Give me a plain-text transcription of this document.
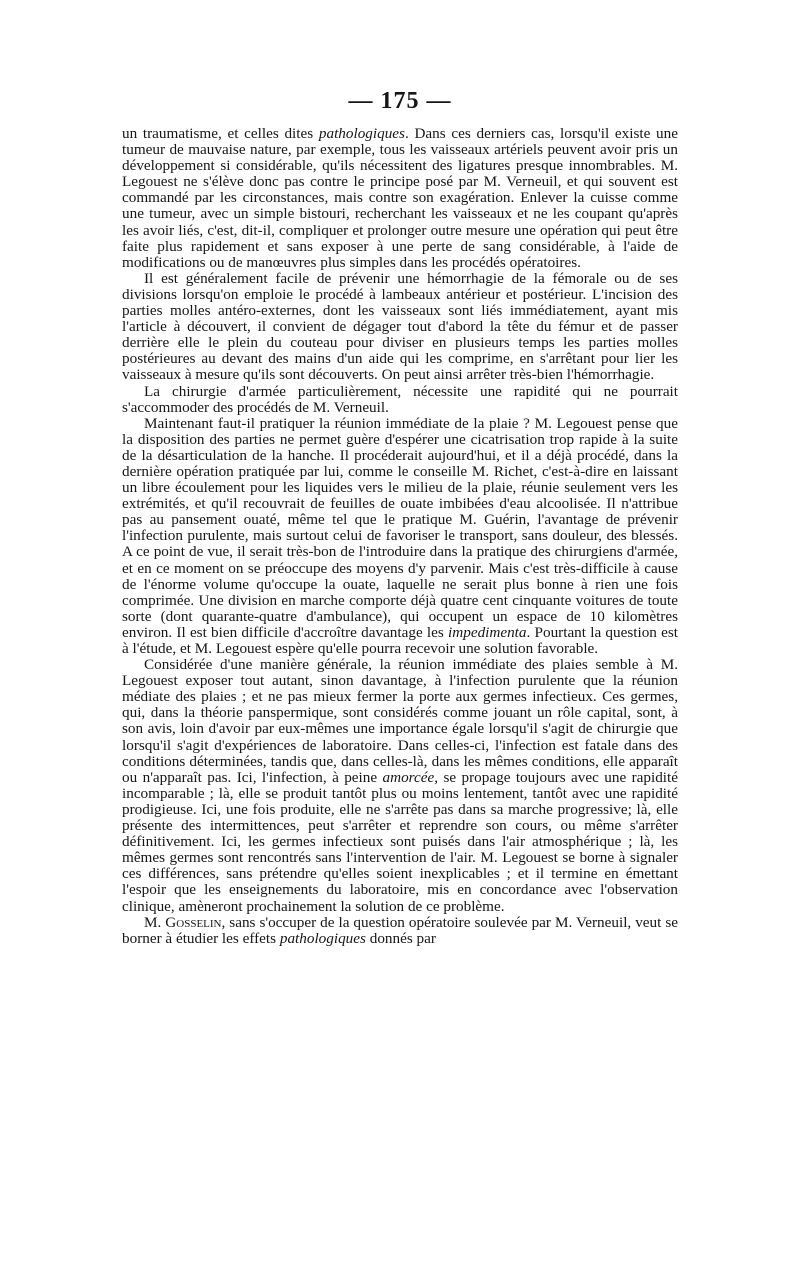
— 175 —

un traumatisme, et celles dites pathologiques. Dans ces derniers cas, lorsqu'il existe une tumeur de mauvaise nature, par exemple, tous les vaisseaux artériels peuvent avoir pris un développement si considérable, qu'ils nécessitent des ligatures presque innombrables. M. Legouest ne s'élève donc pas contre le principe posé par M. Verneuil, et qui souvent est commandé par les circonstances, mais contre son exagération. Enlever la cuisse comme une tumeur, avec un simple bistouri, recherchant les vaisseaux et ne les coupant qu'après les avoir liés, c'est, dit-il, compliquer et prolonger outre mesure une opération qui peut être faite plus rapidement et sans exposer à une perte de sang considérable, à l'aide de modifications ou de manœuvres plus simples dans les procédés opératoires.

Il est généralement facile de prévenir une hémorrhagie de la fémorale ou de ses divisions lorsqu'on emploie le procédé à lambeaux antérieur et postérieur. L'incision des parties molles antéro-externes, dont les vaisseaux sont liés immédiatement, ayant mis l'article à découvert, il convient de dégager tout d'abord la tête du fémur et de passer derrière elle le plein du couteau pour diviser en plusieurs temps les parties molles postérieures au devant des mains d'un aide qui les comprime, en s'arrêtant pour lier les vaisseaux à mesure qu'ils sont découverts. On peut ainsi arrêter très-bien l'hémorrhagie.

La chirurgie d'armée particulièrement, nécessite une rapidité qui ne pourrait s'accommoder des procédés de M. Verneuil.

Maintenant faut-il pratiquer la réunion immédiate de la plaie ? M. Legouest pense que la disposition des parties ne permet guère d'espérer une cicatrisation trop rapide à la suite de la désarticulation de la hanche. Il procéderait aujourd'hui, et il a déjà procédé, dans la dernière opération pratiquée par lui, comme le conseille M. Richet, c'est-à-dire en laissant un libre écoulement pour les liquides vers le milieu de la plaie, réunie seulement vers les extrémités, et qu'il recouvrait de feuilles de ouate imbibées d'eau alcoolisée. Il n'attribue pas au pansement ouaté, même tel que le pratique M. Guérin, l'avantage de prévenir l'infection purulente, mais surtout celui de favoriser le transport, sans douleur, des blessés. A ce point de vue, il serait très-bon de l'introduire dans la pratique des chirurgiens d'armée, et en ce moment on se préoccupe des moyens d'y parvenir. Mais c'est très-difficile à cause de l'énorme volume qu'occupe la ouate, laquelle ne serait plus bonne à rien une fois comprimée. Une division en marche comporte déjà quatre cent cinquante voitures de toute sorte (dont quarante-quatre d'ambulance), qui occupent un espace de 10 kilomètres environ. Il est bien difficile d'accroître davantage les impedimenta. Pourtant la question est à l'étude, et M. Legouest espère qu'elle pourra recevoir une solution favorable.

Considérée d'une manière générale, la réunion immédiate des plaies semble à M. Legouest exposer tout autant, sinon davantage, à l'infection purulente que la réunion médiate des plaies ; et ne pas mieux fermer la porte aux germes infectieux. Ces germes, qui, dans la théorie panspermique, sont considérés comme jouant un rôle capital, sont, à son avis, loin d'avoir par eux-mêmes une importance égale lorsqu'il s'agit de chirurgie que lorsqu'il s'agit d'expériences de laboratoire. Dans celles-ci, l'infection est fatale dans des conditions déterminées, tandis que, dans celles-là, dans les mêmes conditions, elle apparaît ou n'apparaît pas. Ici, l'infection, à peine amorcée, se propage toujours avec une rapidité incomparable ; là, elle se produit tantôt plus ou moins lentement, tantôt avec une rapidité prodigieuse. Ici, une fois produite, elle ne s'arrête pas dans sa marche progressive; là, elle présente des intermittences, peut s'arrêter et reprendre son cours, ou même s'arrêter définitivement. Ici, les germes infectieux sont puisés dans l'air atmosphérique ; là, les mêmes germes sont rencontrés sans l'intervention de l'air. M. Legouest se borne à signaler ces différences, sans prétendre qu'elles soient inexplicables ; et il termine en émettant l'espoir que les enseignements du laboratoire, mis en concordance avec l'observation clinique, amèneront prochainement la solution de ce problème.

M. Gosselin, sans s'occuper de la question opératoire soulevée par M. Verneuil, veut se borner à étudier les effets pathologiques donnés par
